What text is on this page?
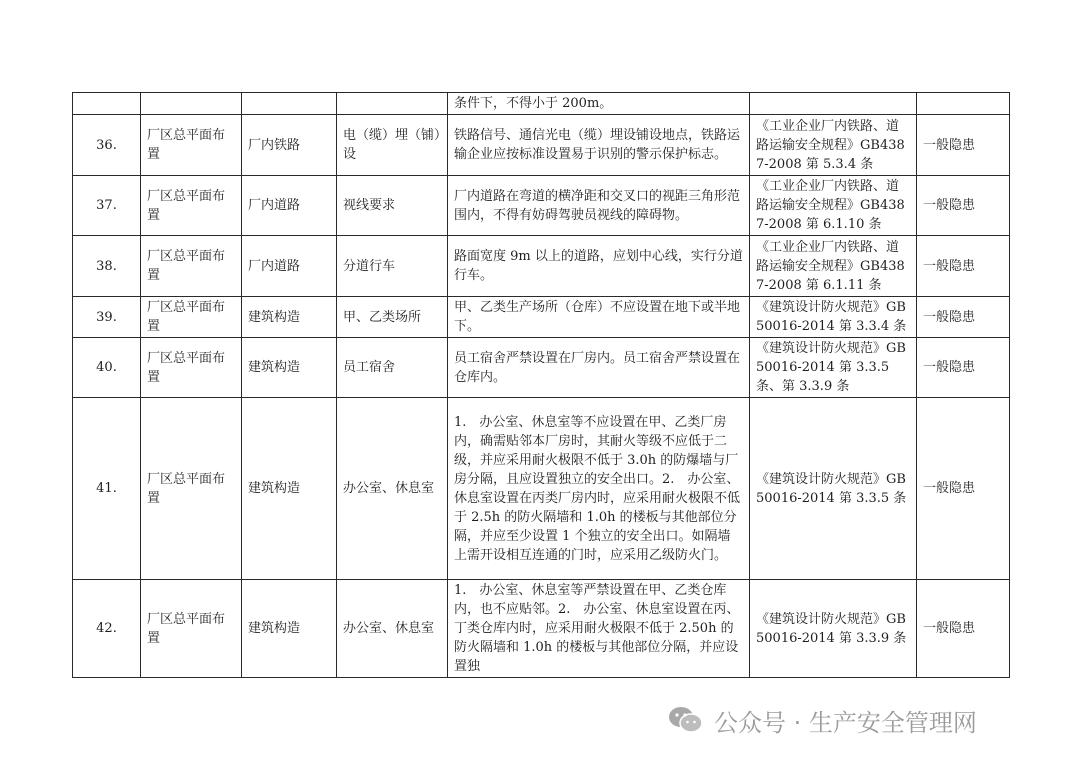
				条件下，不得小于 200m。		
36.	厂区总平面布置	厂内铁路	电（缆）埋（铺）设	铁路信号、通信光电（缆）埋设铺设地点，铁路运输企业应按标准设置易于识别的警示保护标志。	《工业企业厂内铁路、道路运输安全规程》GB4387-2008 第 5.3.4 条	一般隐患
37.	厂区总平面布置	厂内道路	视线要求	厂内道路在弯道的横净距和交叉口的视距三角形范围内，不得有妨碍驾驶员视线的障碍物。	《工业企业厂内铁路、道路运输安全规程》GB4387-2008 第 6.1.10 条	一般隐患
38.	厂区总平面布置	厂内道路	分道行车	路面宽度 9m 以上的道路，应划中心线，实行分道行车。	《工业企业厂内铁路、道路运输安全规程》GB4387-2008 第 6.1.11 条	一般隐患
39.	厂区总平面布置	建筑构造	甲、乙类场所	甲、乙类生产场所（仓库）不应设置在地下或半地下。	《建筑设计防火规范》GB50016-2014 第 3.3.4 条	一般隐患
40.	厂区总平面布置	建筑构造	员工宿舍	员工宿舍严禁设置在厂房内。员工宿舍严禁设置在仓库内。	《建筑设计防火规范》GB50016-2014 第 3.3.5 条、第 3.3.9 条	一般隐患
41.	厂区总平面布置	建筑构造	办公室、休息室	1.　办公室、休息室等不应设置在甲、乙类厂房内，确需贴邻本厂房时，其耐火等级不应低于二级，并应采用耐火极限不低于 3.0h 的防爆墙与厂房分隔，且应设置独立的安全出口。2.　办公室、休息室设置在丙类厂房内时，应采用耐火极限不低于 2.5h 的防火隔墙和 1.0h 的楼板与其他部位分隔，并应至少设置 1 个独立的安全出口。如隔墙上需开设相互连通的门时，应采用乙级防火门。	《建筑设计防火规范》GB50016-2014 第 3.3.5 条	一般隐患
42.	厂区总平面布置	建筑构造	办公室、休息室	1.　办公室、休息室等严禁设置在甲、乙类仓库内，也不应贴邻。2.　办公室、休息室设置在丙、丁类仓库内时，应采用耐火极限不低于 2.50h 的防火隔墙和 1.0h 的楼板与其他部位分隔，并应设置独	《建筑设计防火规范》GB50016-2014 第 3.3.9 条	一般隐患
公众号 · 生产安全管理网
